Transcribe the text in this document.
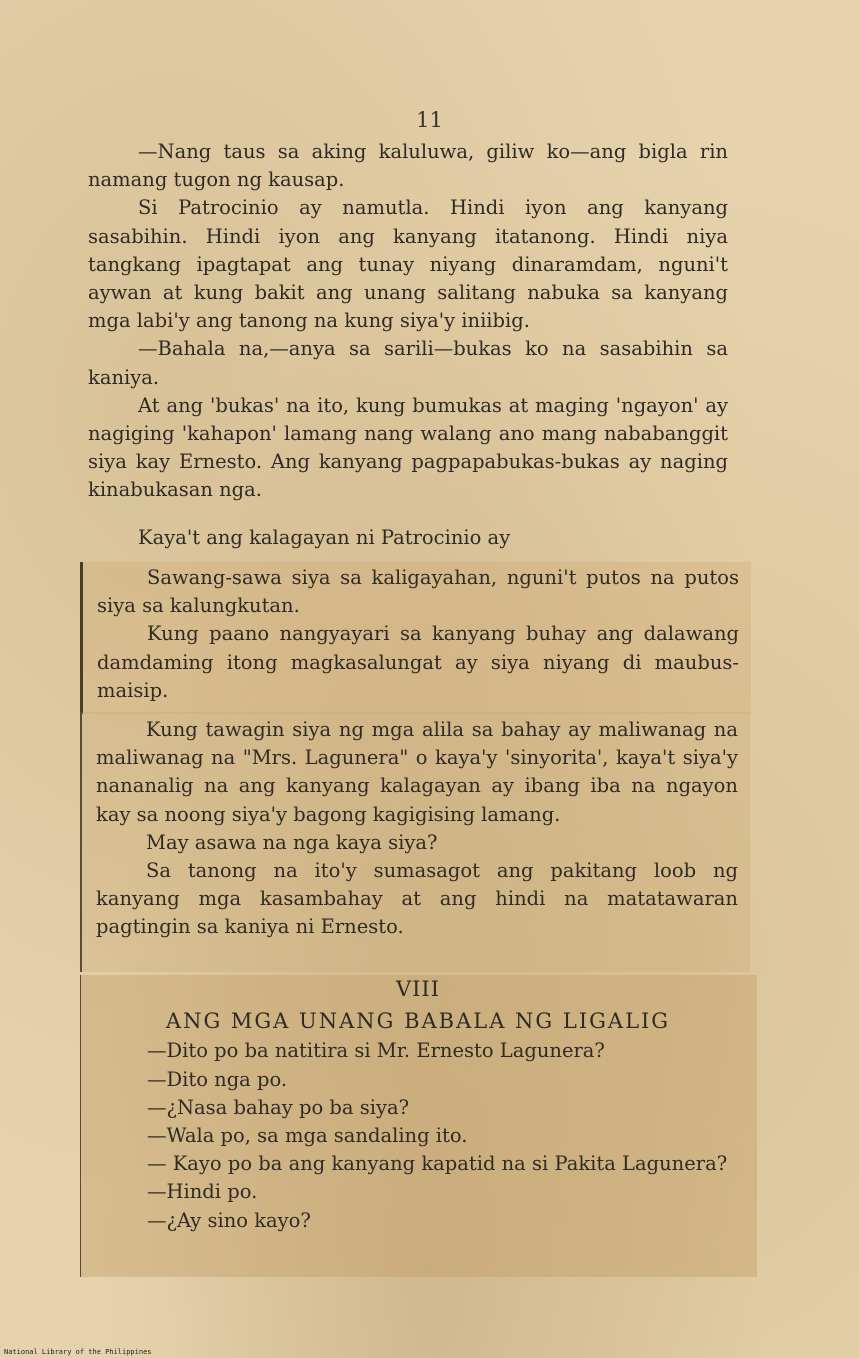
11

—Nang taus sa aking kaluluwa, giliw ko—ang bigla rin namang tugon ng kausap.

Si Patrocinio ay namutla. Hindi iyon ang kanyang sasabihin. Hindi iyon ang kanyang itatanong. Hindi niya tangkang ipagtapat ang tunay niyang dinaramdam, nguni't aywan at kung bakit ang unang salitang nabuka sa kanyang mga labi'y ang tanong na kung siya'y iniibig.

—Bahala na,—anya sa sarili—bukas ko na sasabihin sa kaniya.

At ang 'bukas' na ito, kung bumukas at maging 'ngayon' ay nagiging 'kahapon' lamang nang walang ano mang nababanggit siya kay Ernesto. Ang kanyang pagpapabukas-bukas ay naging kinabukasan nga.

Kaya't ang kalagayan ni Patrocinio ay

Sawang-sawa siya sa kaligayahan, nguni't putos na putos siya sa kalungkutan.

Kung paano nangyayari sa kanyang buhay ang dalawang damdaming itong magkasalungat ay siya niyang di maubus-maisip.

Kung tawagin siya ng mga alila sa bahay ay maliwanag na maliwanag na "Mrs. Lagunera" o kaya'y 'sinyorita', kaya't siya'y nananalig na ang kanyang kalagayan ay ibang iba na ngayon kay sa noong siya'y bagong kagigising lamang.

May asawa na nga kaya siya?

Sa tanong na ito'y sumasagot ang pakitang loob ng kanyang mga kasambahay at ang hindi na matatawaran pagtingin sa kaniya ni Ernesto.

VIII
ANG MGA UNANG BABALA NG LIGALIG

—Dito po ba natitira si Mr. Ernesto Lagunera?

—Dito nga po.

—¿Nasa bahay po ba siya?

—Wala po, sa mga sandaling ito.

— Kayo po ba ang kanyang kapatid na si Pakita Lagunera?

—Hindi po.

—¿Ay sino kayo?

National Library of the Philippines
